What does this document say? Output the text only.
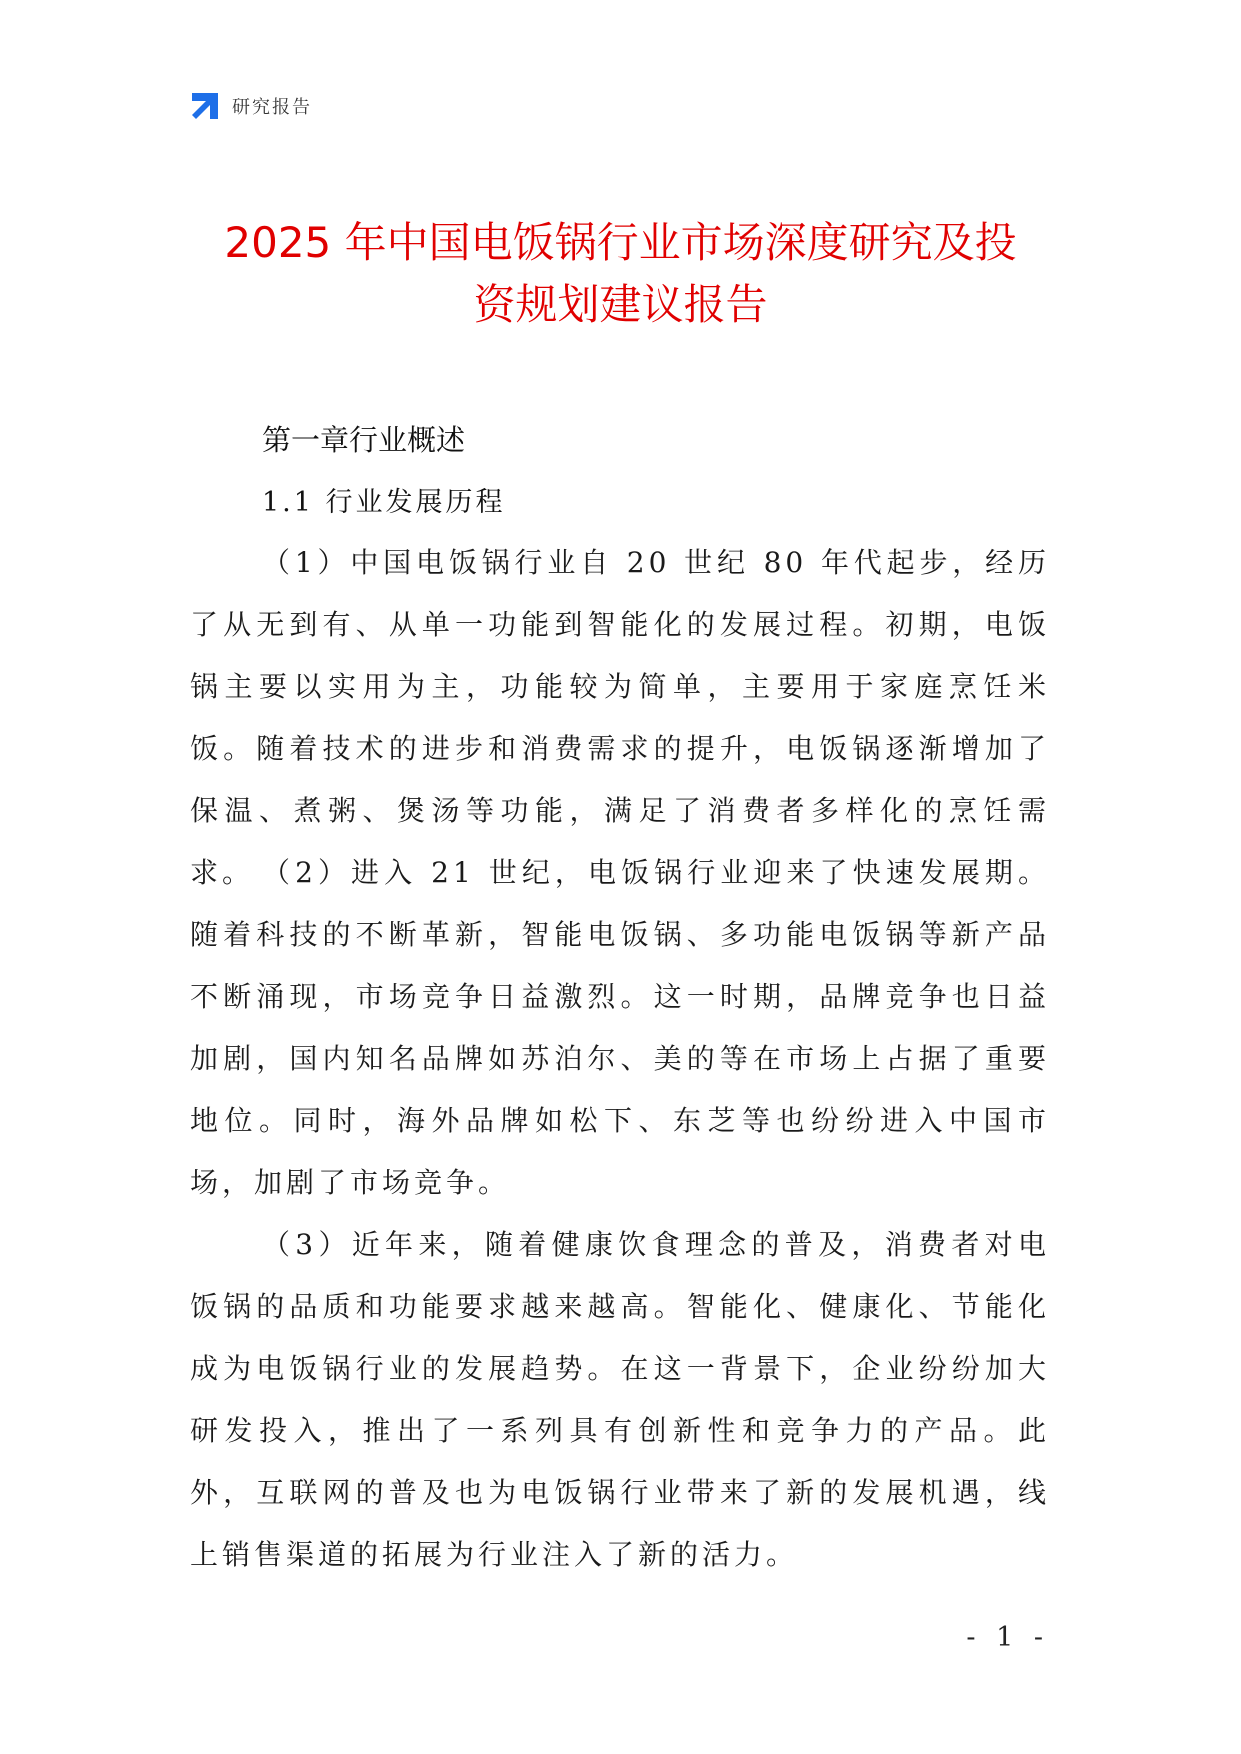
研究报告
2025 年中国电饭锅行业市场深度研究及投
资规划建议报告
第一章行业概述
1.1 行业发展历程

（1）中国电饭锅行业自 20 世纪 80 年代起步，经历了从无到有、从单一功能到智能化的发展过程。初期，电饭锅主要以实用为主，功能较为简单，主要用于家庭烹饪米饭。随着技术的进步和消费需求的提升，电饭锅逐渐增加了保温、煮粥、煲汤等功能，满足了消费者多样化的烹饪需求。 （2）进入 21 世纪，电饭锅行业迎来了快速发展期。随着科技的不断革新，智能电饭锅、多功能电饭锅等新产品不断涌现，市场竞争日益激烈。这一时期，品牌竞争也日益加剧，国内知名品牌如苏泊尔、美的等在市场上占据了重要地位。同时，海外品牌如松下、东芝等也纷纷进入中国市场，加剧了市场竞争。

（3）近年来，随着健康饮食理念的普及，消费者对电饭锅的品质和功能要求越来越高。智能化、健康化、节能化成为电饭锅行业的发展趋势。在这一背景下，企业纷纷加大研发投入，推出了一系列具有创新性和竞争力的产品。此外，互联网的普及也为电饭锅行业带来了新的发展机遇，线上销售渠道的拓展为行业注入了新的活力。

- 1 -
